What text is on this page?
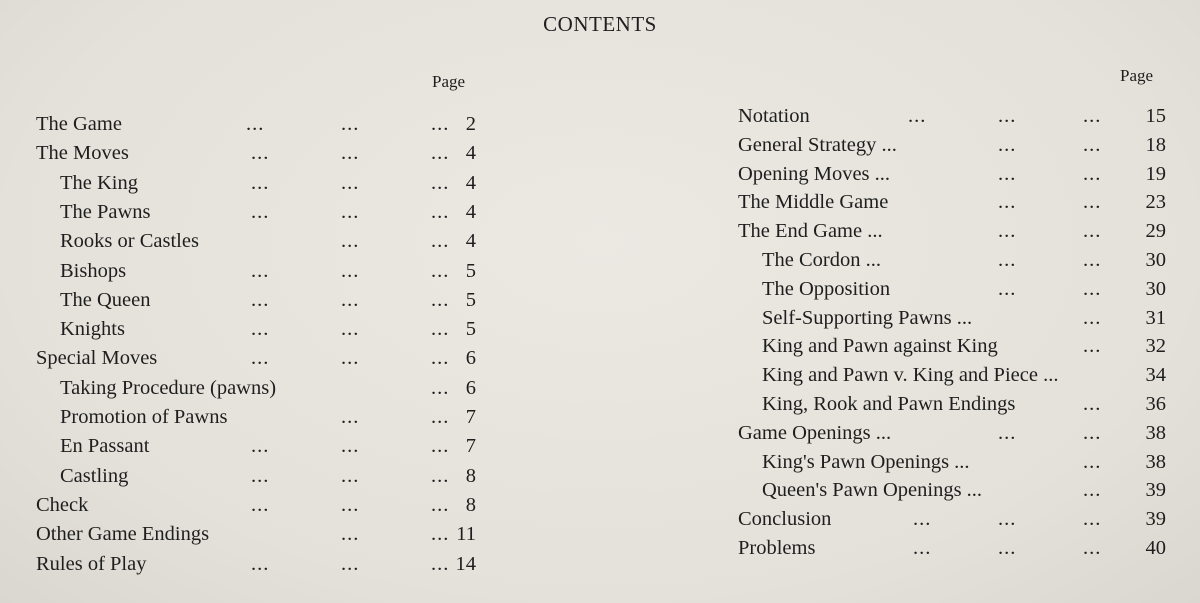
CONTENTS
Page	Page
The Game	...	...	... 2
The Moves	...	...	... 4
The King	...	...	... 4
The Pawns	...	...	... 4
Rooks or Castles	...	... 4
Bishops	...	...	... 5
The Queen	...	...	... 5
Knights	...	...	... 5
Special Moves	...	...	... 6
Taking Procedure (pawns)	... 6
Promotion of Pawns	...	... 7
En Passant	...	...	... 7
Castling	...	...	... 8
Check	...	...	... 8
Other Game Endings	...	... 11
Rules of Play	...	...	... 14
Notation	...	...	...	15
General Strategy ...	...	...	18
Opening Moves ...	...	...	19
The Middle Game	...	...	23
The End Game ...	...	...	29
The Cordon ...	...	...	30
The Opposition	...	...	30
Self-Supporting Pawns ...	...	31
King and Pawn against King	...	32
King and Pawn v. King and Piece ...	34
King, Rook and Pawn Endings	...	36
Game Openings ...	...	...	38
King's Pawn Openings ...	...	38
Queen's Pawn Openings ...	...	39
Conclusion	...	...	...	39
Problems	...	...	...	40
